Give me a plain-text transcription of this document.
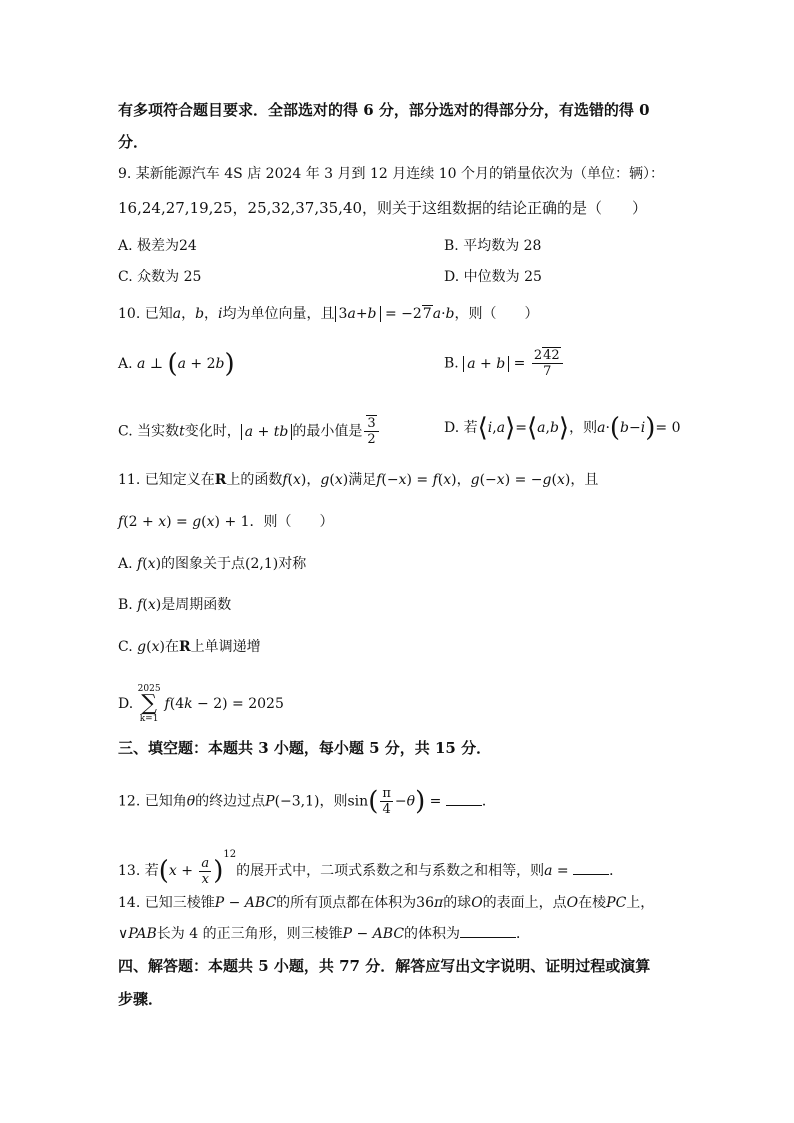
有多项符合题目要求．全部选对的得 6 分，部分选对的得部分分，有选错的得 0
分．
9. 某新能源汽车 4S 店 2024 年 3 月到 12 月连续 10 个月的销量依次为（单位：辆）：
16,24,27,19,25，25,32,37,35,40，则关于这组数据的结论正确的是（　　）
A. 极差为24	B. 平均数为 28
C. 众数为 25	D. 中位数为 25
10. 已知a，b，i均为单位向量，且 3a+b = −27a·b，则（　　）
A. a ⊥ (a + 2b)	B. $a + b = \frac{242}{7}$
C. 当实数t变化时， a + tb 的最小值是 $\frac{3}{2}$	D. 若⟨i,a⟩=⟨a,b⟩，则a·(b−i)= 0
11. 已知定义在R上的函数f(x)，g(x)满足f(−x) = f(x)，g(−x) = −g(x)，且
f(2 + x) = g(x) + 1．则（　　）
A. f(x)的图象关于点(2,1)对称
B. f(x)是周期函数
C. g(x)在R上单调递增
D. 2025
∑
k=1f(4k − 2) = 2025
三、填空题：本题共 3 小题，每小题 5 分，共 15 分．
12. 已知角θ的终边过点P(−3,1)，则$\sin( \frac{\pi}{4} -\theta)$ =	．
13. 若$(x + \frac{a}{x} )^{12}$的展开式中，二项式系数之和与系数之和相等，则a =	．
14. 已知三棱锥P − ABC的所有顶点都在体积为36π的球O的表面上，点O在棱PC上，
∨PAB长为 4 的正三角形，则三棱锥P − ABC的体积为	．
四、解答题：本题共 5 小题，共 77 分．解答应写出文字说明、证明过程或演算
步骤．
